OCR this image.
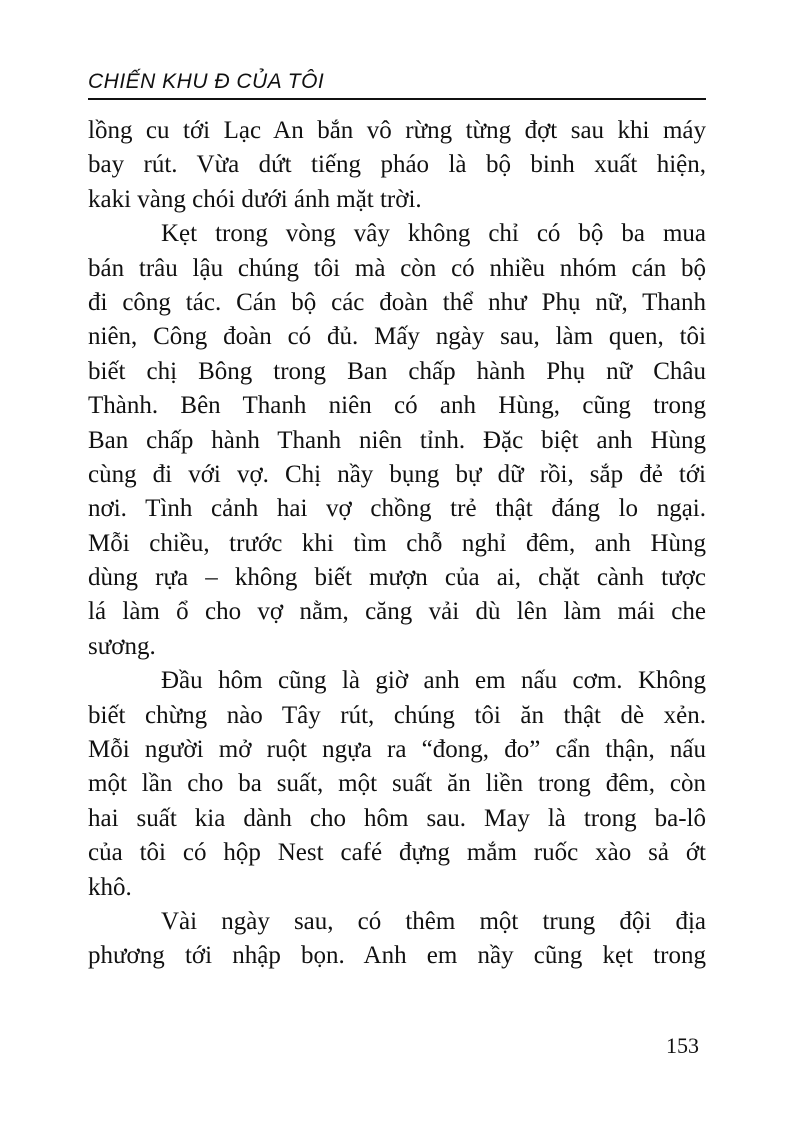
CHIẾN KHU Đ CỦA TÔI
lồng cu tới Lạc An bắn vô rừng từng đợt sau khi máy
bay rút. Vừa dứt tiếng pháo là bộ binh xuất hiện,
kaki vàng chói dưới ánh mặt trời.
Kẹt trong vòng vây không chỉ có bộ ba mua
bán trâu lậu chúng tôi mà còn có nhiều nhóm cán bộ
đi công tác. Cán bộ các đoàn thể như Phụ nữ, Thanh
niên, Công đoàn có đủ. Mấy ngày sau, làm quen, tôi
biết chị Bông trong Ban chấp hành Phụ nữ Châu
Thành. Bên Thanh niên có anh Hùng, cũng trong
Ban chấp hành Thanh niên tỉnh. Đặc biệt anh Hùng
cùng đi với vợ. Chị nầy bụng bự dữ rồi, sắp đẻ tới
nơi. Tình cảnh hai vợ chồng trẻ thật đáng lo ngại.
Mỗi chiều, trước khi tìm chỗ nghỉ đêm, anh Hùng
dùng rựa – không biết mượn của ai, chặt cành tược
lá làm ổ cho vợ nằm, căng vải dù lên làm mái che
sương.
Đầu hôm cũng là giờ anh em nấu cơm. Không
biết chừng nào Tây rút, chúng tôi ăn thật dè xẻn.
Mỗi người mở ruột ngựa ra “đong, đo” cẩn thận, nấu
một lần cho ba suất, một suất ăn liền trong đêm, còn
hai suất kia dành cho hôm sau. May là trong ba-lô
của tôi có hộp Nest café đựng mắm ruốc xào sả ớt
khô.
Vài ngày sau, có thêm một trung đội địa
phương tới nhập bọn. Anh em nầy cũng kẹt trong
153
